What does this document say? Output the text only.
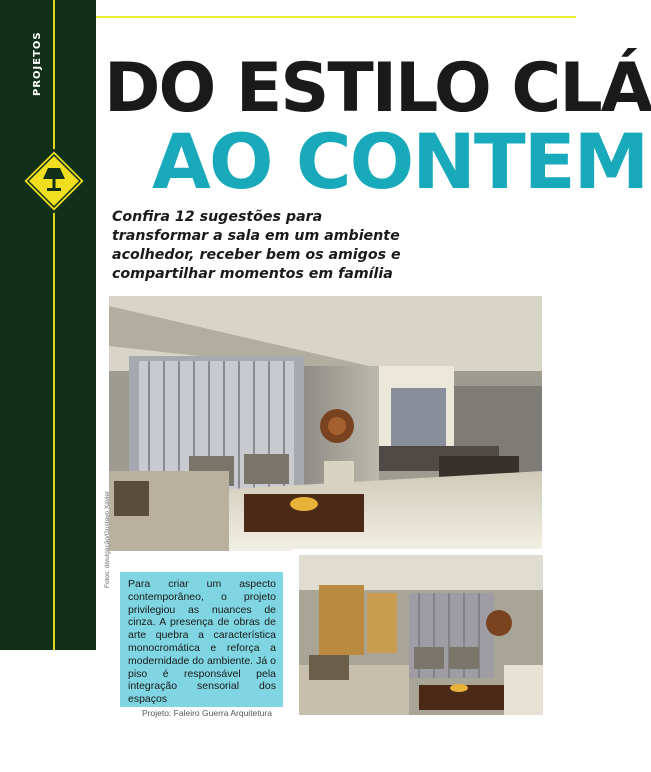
PROJETOS DO ESTILO CLÁ
AO CONTEM
Confira 12 sugestões para transformar a sala em um ambiente acolhedor, receber bem os amigos e compartilhar momentos em família
Fotos: divulgação/Gustavo Xavier Para criar um aspecto contemporâneo, o projeto privilegiou as nuances de cinza. A presença de obras de arte quebra a característica monocromática e reforça a modernidade do ambiente. Já o piso é responsável pela integração sensorial dos espaços
Projeto: Faleiro Guerra Arquitetura
